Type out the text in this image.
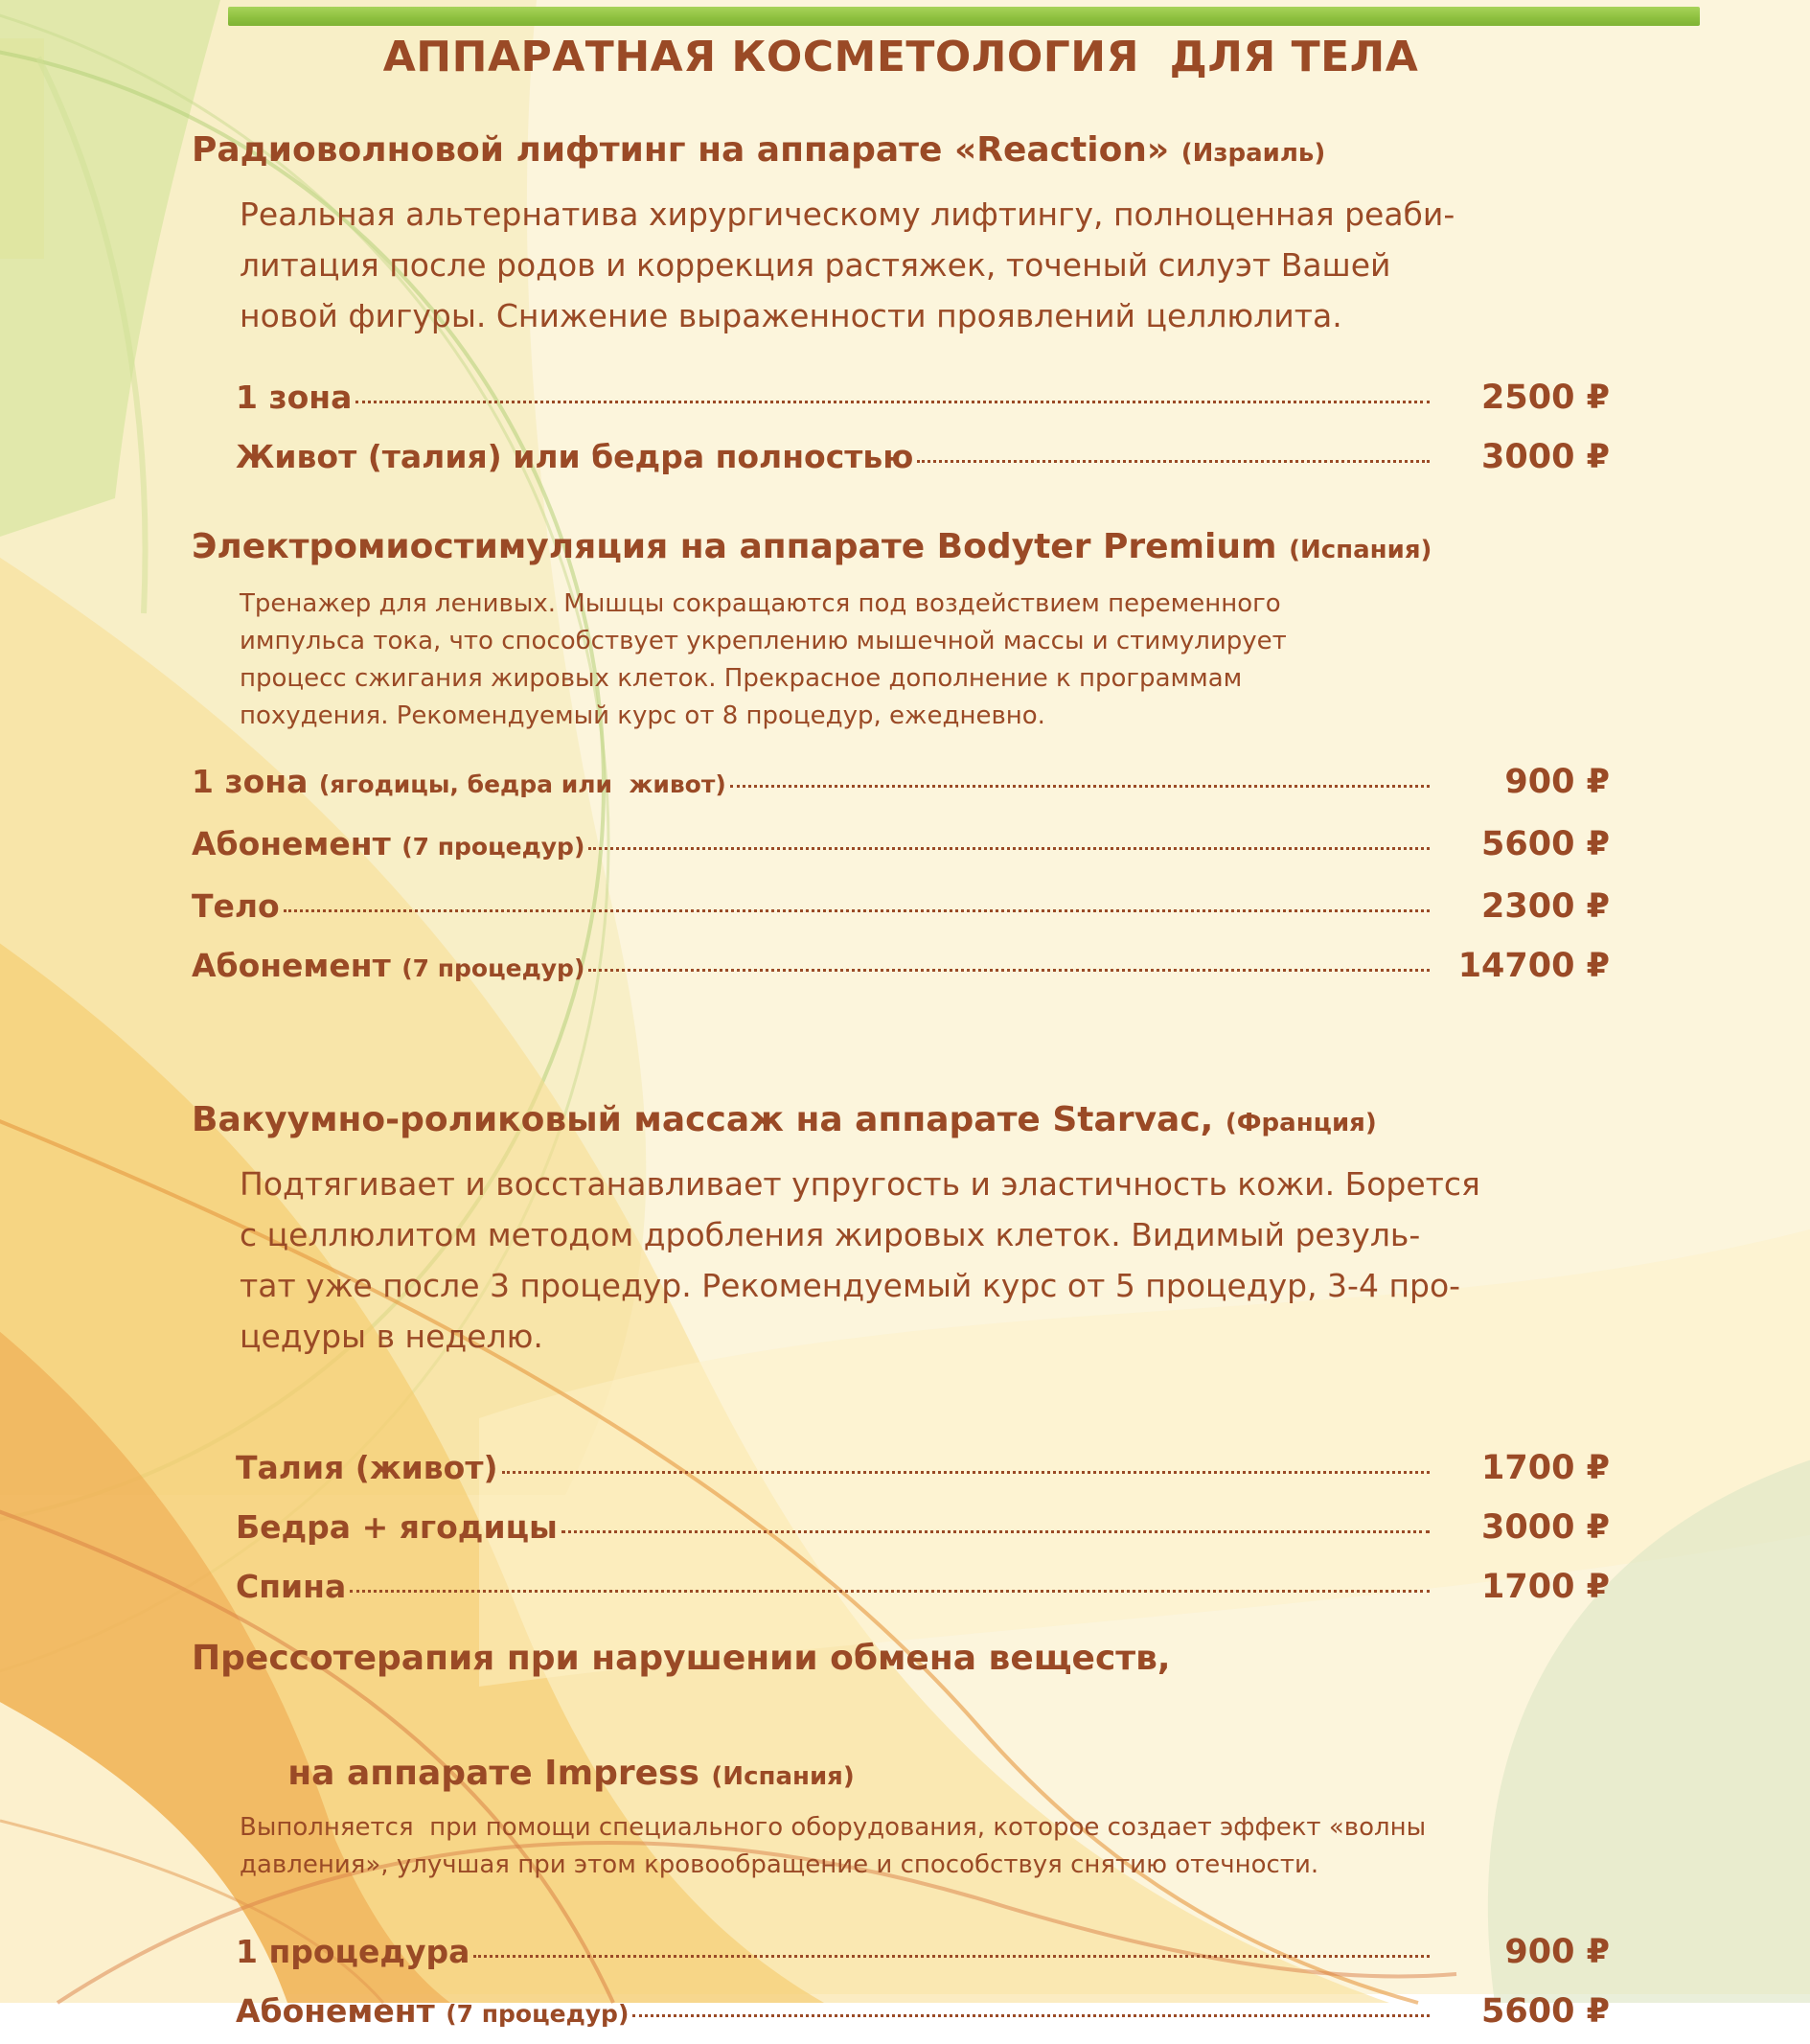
АППАРАТНАЯ КОСМЕТОЛОГИЯ  ДЛЯ ТЕЛА
Радиоволновой лифтинг на аппарате «Reaction» (Израиль)
Реальная альтернатива хирургическому лифтингу, полноценная реаби-
литация после родов и коррекция растяжек, точеный силуэт Вашей
новой фигуры. Снижение выраженности проявлений целлюлита.
1 зона	2500 ₽
Живот (талия) или бедра полностью	3000 ₽
Электромиостимуляция на аппарате Bodyter Premium (Испания)
Тренажер для ленивых. Мышцы сокращаются под воздействием переменного
импульса тока, что способствует укреплению мышечной массы и стимулирует
процесс сжигания жировых клеток. Прекрасное дополнение к программам
похудения. Рекомендуемый курс от 8 процедур, ежедневно.
1 зона (ягодицы, бедра или  живот)	900 ₽
Абонемент (7 процедур)	5600 ₽
Тело	2300 ₽
Абонемент (7 процедур)	14700 ₽
Вакуумно-роликовый массаж на аппарате Starvac, (Франция)
Подтягивает и восстанавливает упругость и эластичность кожи. Борется
с целлюлитом методом дробления жировых клеток. Видимый резуль-
тат уже после 3 процедур. Рекомендуемый курс от 5 процедур, 3-4 про-
цедуры в неделю.
Талия (живот)	1700 ₽
Бедра + ягодицы	3000 ₽
Спина	1700 ₽
Прессотерапия при нарушении обмена веществ,

на аппарате Impress (Испания)
Выполняется  при помощи специального оборудования, которое создает эффект «волны
давления», улучшая при этом кровообращение и способствуя снятию отечности.
1 процедура	900 ₽
Абонемент (7 процедур)	5600 ₽
